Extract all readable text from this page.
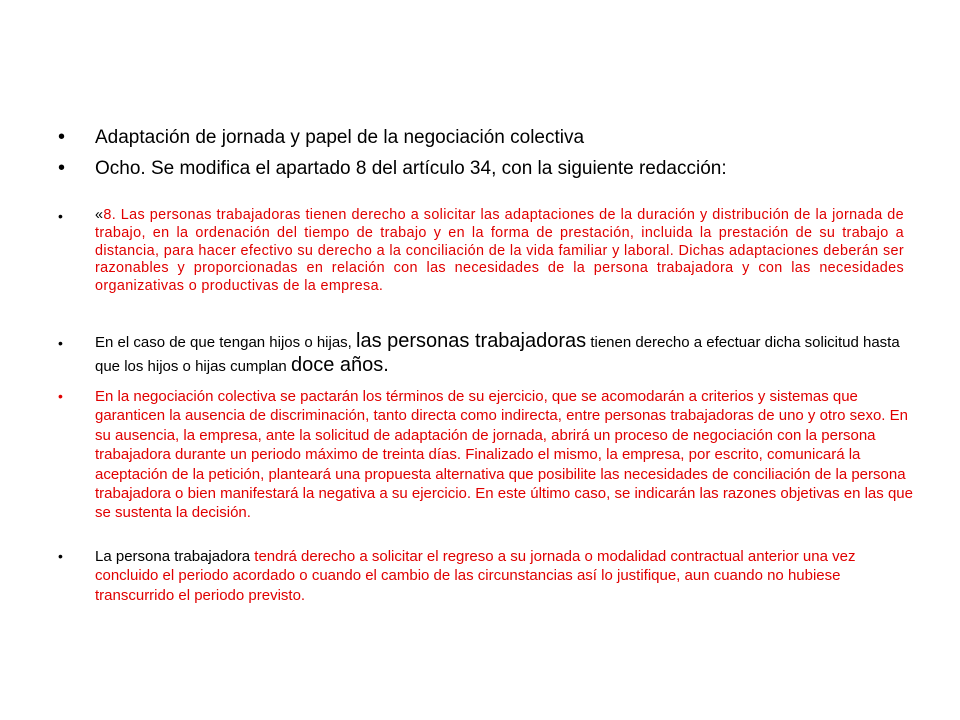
• Adaptación de jornada y papel de la negociación colectiva
• Ocho. Se modifica el apartado 8 del artículo 34, con la siguiente redacción:
• «8. Las personas trabajadoras tienen derecho a solicitar las adaptaciones de la duración y distribución de la jornada de trabajo, en la ordenación del tiempo de trabajo y en la forma de prestación, incluida la prestación de su trabajo a distancia, para hacer efectivo su derecho a la conciliación de la vida familiar y laboral. Dichas adaptaciones deberán ser razonables y proporcionadas en relación con las necesidades de la persona trabajadora y con las necesidades organizativas o productivas de la empresa.
• En el caso de que tengan hijos o hijas, las personas trabajadoras tienen derecho a efectuar dicha solicitud hasta que los hijos o hijas cumplan doce años.
• En la negociación colectiva se pactarán los términos de su ejercicio, que se acomodarán a criterios y sistemas que garanticen la ausencia de discriminación, tanto directa como indirecta, entre personas trabajadoras de uno y otro sexo. En su ausencia, la empresa, ante la solicitud de adaptación de jornada, abrirá un proceso de negociación con la persona trabajadora durante un periodo máximo de treinta días. Finalizado el mismo, la empresa, por escrito, comunicará la aceptación de la petición, planteará una propuesta alternativa que posibilite las necesidades de conciliación de la persona trabajadora o bien manifestará la negativa a su ejercicio. En este último caso, se indicarán las razones objetivas en las que se sustenta la decisión.
• La persona trabajadora tendrá derecho a solicitar el regreso a su jornada o modalidad contractual anterior una vez concluido el periodo acordado o cuando el cambio de las circunstancias así lo justifique, aun cuando no hubiese transcurrido el periodo previsto.
